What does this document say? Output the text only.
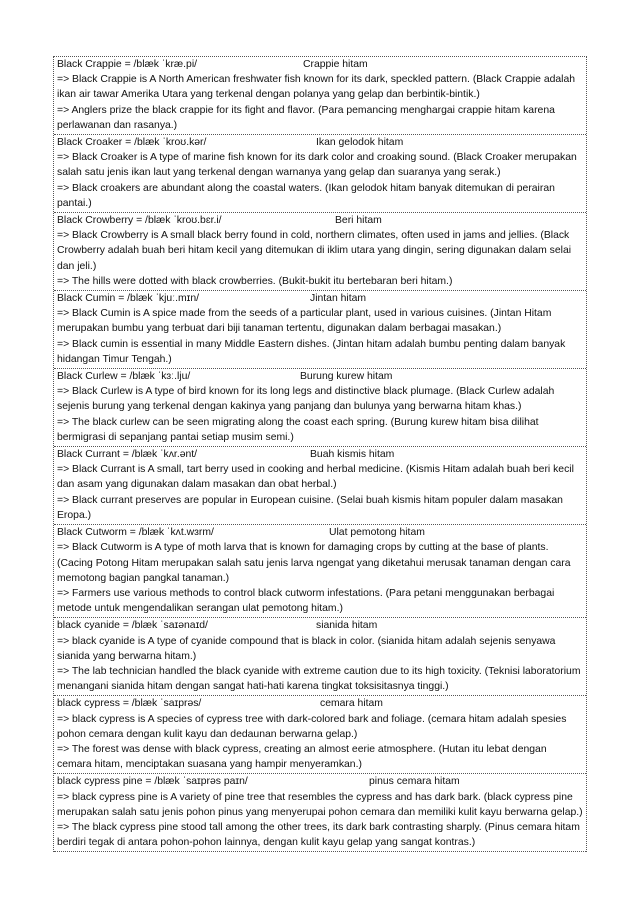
Black Crappie = /blæk ˈkræ.pi/	Crappie hitam
=> Black Crappie is A North American freshwater fish known for its dark, speckled pattern. (Black Crappie adalah ikan air tawar Amerika Utara yang terkenal dengan polanya yang gelap dan berbintik-bintik.)
=> Anglers prize the black crappie for its fight and flavor. (Para pemancing menghargai crappie hitam karena perlawanan dan rasanya.)
Black Croaker = /blæk ˈkroʊ.kər/	Ikan gelodok hitam
=> Black Croaker is A type of marine fish known for its dark color and croaking sound. (Black Croaker merupakan salah satu jenis ikan laut yang terkenal dengan warnanya yang gelap dan suaranya yang serak.)
=> Black croakers are abundant along the coastal waters. (Ikan gelodok hitam banyak ditemukan di perairan pantai.)
Black Crowberry = /blæk ˈkroʊ.bɛr.i/	Beri hitam
=> Black Crowberry is A small black berry found in cold, northern climates, often used in jams and jellies. (Black Crowberry adalah buah beri hitam kecil yang ditemukan di iklim utara yang dingin, sering digunakan dalam selai dan jeli.)
=> The hills were dotted with black crowberries. (Bukit-bukit itu bertebaran beri hitam.)
Black Cumin = /blæk ˈkjuː.mɪn/	Jintan hitam
=> Black Cumin is A spice made from the seeds of a particular plant, used in various cuisines. (Jintan Hitam merupakan bumbu yang terbuat dari biji tanaman tertentu, digunakan dalam berbagai masakan.)
=> Black cumin is essential in many Middle Eastern dishes. (Jintan hitam adalah bumbu penting dalam banyak hidangan Timur Tengah.)
Black Curlew = /blæk ˈkɜː.lju/	Burung kurew hitam
=> Black Curlew is A type of bird known for its long legs and distinctive black plumage. (Black Curlew adalah sejenis burung yang terkenal dengan kakinya yang panjang dan bulunya yang berwarna hitam khas.)
=> The black curlew can be seen migrating along the coast each spring. (Burung kurew hitam bisa dilihat bermigrasi di sepanjang pantai setiap musim semi.)
Black Currant = /blæk ˈkʌr.ənt/	Buah kismis hitam
=> Black Currant is A small, tart berry used in cooking and herbal medicine. (Kismis Hitam adalah buah beri kecil dan asam yang digunakan dalam masakan dan obat herbal.)
=> Black currant preserves are popular in European cuisine. (Selai buah kismis hitam populer dalam masakan Eropa.)
Black Cutworm = /blæk ˈkʌt.wɜrm/	Ulat pemotong hitam
=> Black Cutworm is A type of moth larva that is known for damaging crops by cutting at the base of plants. (Cacing Potong Hitam merupakan salah satu jenis larva ngengat yang diketahui merusak tanaman dengan cara memotong bagian pangkal tanaman.)
=> Farmers use various methods to control black cutworm infestations. (Para petani menggunakan berbagai metode untuk mengendalikan serangan ulat pemotong hitam.)
black cyanide = /blæk ˈsaɪənaɪd/	sianida hitam
=> black cyanide is A type of cyanide compound that is black in color. (sianida hitam adalah sejenis senyawa sianida yang berwarna hitam.)
=> The lab technician handled the black cyanide with extreme caution due to its high toxicity. (Teknisi laboratorium menangani sianida hitam dengan sangat hati-hati karena tingkat toksisitasnya tinggi.)
black cypress = /blæk ˈsaɪprəs/	cemara hitam
=> black cypress is A species of cypress tree with dark-colored bark and foliage. (cemara hitam adalah spesies pohon cemara dengan kulit kayu dan dedaunan berwarna gelap.)
=> The forest was dense with black cypress, creating an almost eerie atmosphere. (Hutan itu lebat dengan cemara hitam, menciptakan suasana yang hampir menyeramkan.)
black cypress pine = /blæk ˈsaɪprəs paɪn/	pinus cemara hitam
=> black cypress pine is A variety of pine tree that resembles the cypress and has dark bark. (black cypress pine merupakan salah satu jenis pohon pinus yang menyerupai pohon cemara dan memiliki kulit kayu berwarna gelap.)
=> The black cypress pine stood tall among the other trees, its dark bark contrasting sharply. (Pinus cemara hitam berdiri tegak di antara pohon-pohon lainnya, dengan kulit kayu gelap yang sangat kontras.)
